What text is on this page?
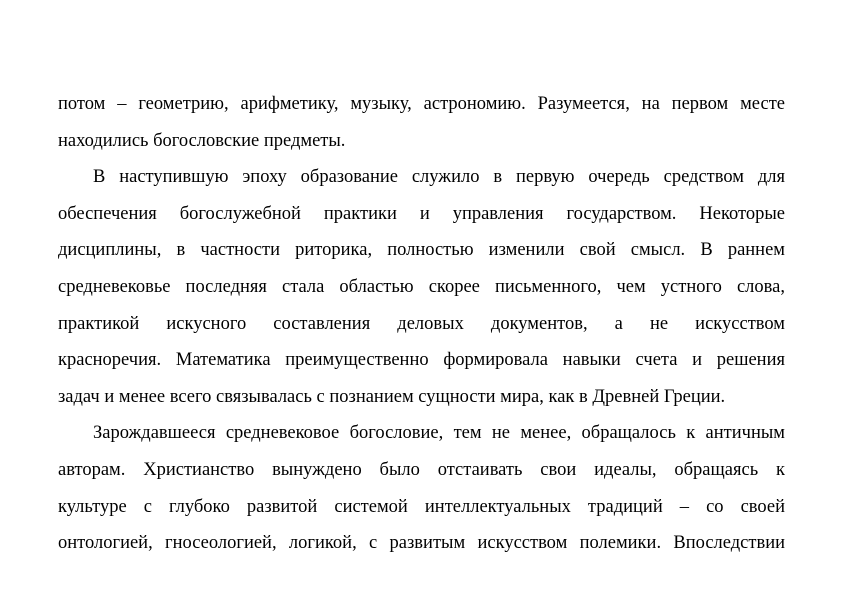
потом – геометрию, арифметику, музыку, астрономию. Разумеется, на первом месте
находились богословские предметы.
В наступившую эпоху образование служило в первую очередь средством для
обеспечения богослужебной практики и управления государством. Некоторые
дисциплины, в частности риторика, полностью изменили свой смысл. В раннем
средневековье последняя стала областью скорее письменного, чем устного слова,
практикой искусного составления деловых документов, а не искусством
красноречия. Математика преимущественно формировала навыки счета и решения
задач и менее всего связывалась с познанием сущности мира, как в Древней Греции.
Зарождавшееся средневековое богословие, тем не менее, обращалось к античным
авторам. Христианство вынуждено было отстаивать свои идеалы, обращаясь к
культуре с глубоко развитой системой интеллектуальных традиций – со своей
онтологией, гносеологией, логикой, с развитым искусством полемики. Впоследствии
